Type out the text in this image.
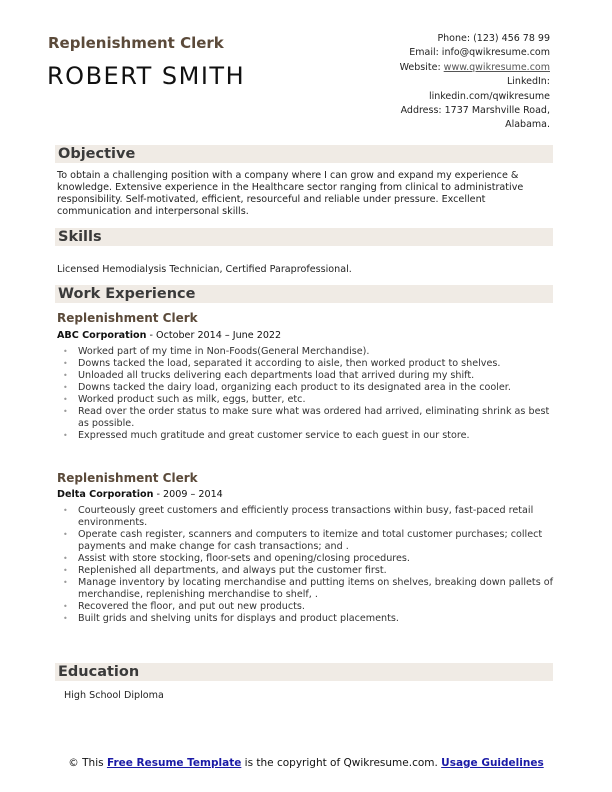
Replenishment Clerk
ROBERT SMITH
Phone: (123) 456 78 99
Email: info@qwikresume.com
Website: www.qwikresume.com
LinkedIn:
linkedin.com/qwikresume
Address: 1737 Marshville Road,
Alabama.
Objective
To obtain a challenging position with a company where I can grow and expand my experience & knowledge. Extensive experience in the Healthcare sector ranging from clinical to administrative responsibility. Self-motivated, efficient, resourceful and reliable under pressure. Excellent communication and interpersonal skills.
Skills
Licensed Hemodialysis Technician, Certified Paraprofessional.
Work Experience
Replenishment Clerk
ABC Corporation - October 2014 – June 2022
• Worked part of my time in Non-Foods(General Merchandise).
• Downs tacked the load, separated it according to aisle, then worked product to shelves.
• Unloaded all trucks delivering each departments load that arrived during my shift.
• Downs tacked the dairy load, organizing each product to its designated area in the cooler.
• Worked product such as milk, eggs, butter, etc.
• Read over the order status to make sure what was ordered had arrived, eliminating shrink as best as possible.
• Expressed much gratitude and great customer service to each guest in our store.
Replenishment Clerk
Delta Corporation - 2009 – 2014
• Courteously greet customers and efficiently process transactions within busy, fast-paced retail environments.
• Operate cash register, scanners and computers to itemize and total customer purchases; collect payments and make change for cash transactions; and .
• Assist with store stocking, floor-sets and opening/closing procedures.
• Replenished all departments, and always put the customer first.
• Manage inventory by locating merchandise and putting items on shelves, breaking down pallets of merchandise, replenishing merchandise to shelf, .
• Recovered the floor, and put out new products.
• Built grids and shelving units for displays and product placements.
Education
High School Diploma
© This Free Resume Template is the copyright of Qwikresume.com. Usage Guidelines
